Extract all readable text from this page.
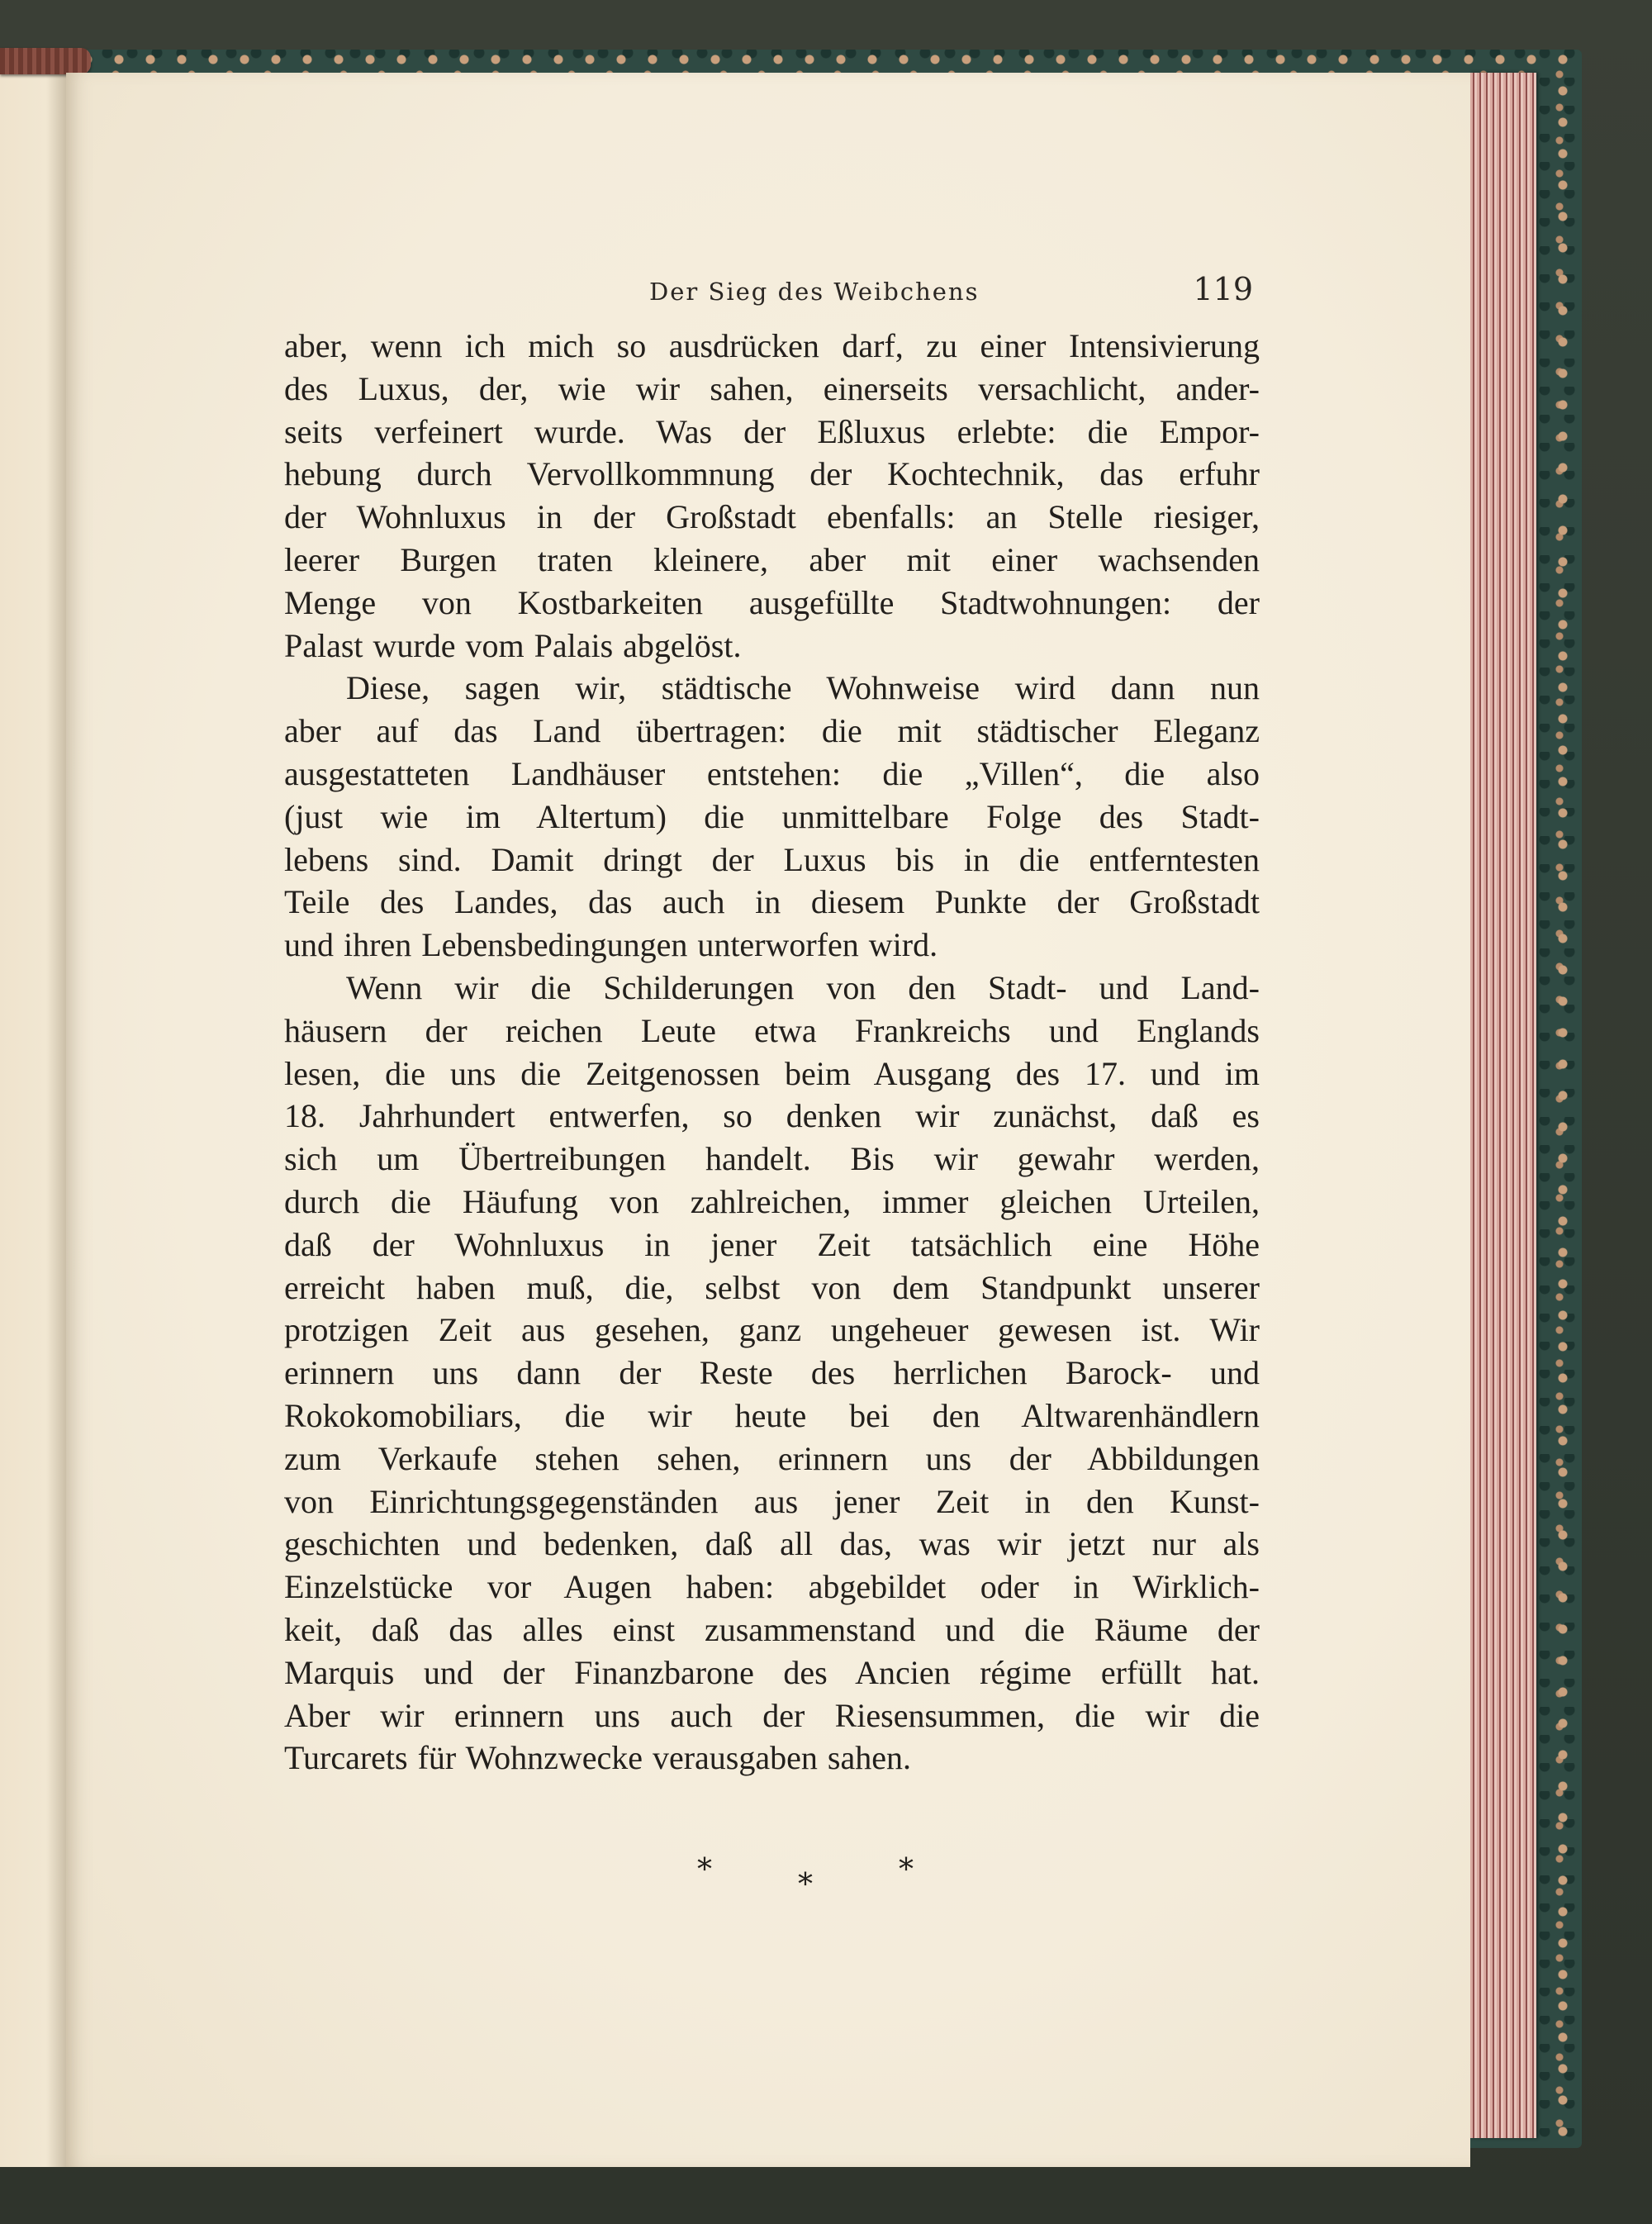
Der Sieg des Weibchens	119

aber, wenn ich mich so ausdrücken darf, zu einer Intensivierung
des Luxus, der, wie wir sahen, einerseits versachlicht, ander-
seits verfeinert wurde. Was der Eßluxus erlebte: die Empor-
hebung durch Vervollkommnung der Kochtechnik, das erfuhr
der Wohnluxus in der Großstadt ebenfalls: an Stelle riesiger,
leerer Burgen traten kleinere, aber mit einer wachsenden
Menge von Kostbarkeiten ausgefüllte Stadtwohnungen: der
Palast wurde vom Palais abgelöst.

Diese, sagen wir, städtische Wohnweise wird dann nun
aber auf das Land übertragen: die mit städtischer Eleganz
ausgestatteten Landhäuser entstehen: die „Villen“, die also
(just wie im Altertum) die unmittelbare Folge des Stadt-
lebens sind. Damit dringt der Luxus bis in die entferntesten
Teile des Landes, das auch in diesem Punkte der Großstadt
und ihren Lebensbedingungen unterworfen wird.

Wenn wir die Schilderungen von den Stadt- und Land-
häusern der reichen Leute etwa Frankreichs und Englands
lesen, die uns die Zeitgenossen beim Ausgang des 17. und im
18. Jahrhundert entwerfen, so denken wir zunächst, daß es
sich um Übertreibungen handelt. Bis wir gewahr werden,
durch die Häufung von zahlreichen, immer gleichen Urteilen,
daß der Wohnluxus in jener Zeit tatsächlich eine Höhe
erreicht haben muß, die, selbst von dem Standpunkt unserer
protzigen Zeit aus gesehen, ganz ungeheuer gewesen ist. Wir
erinnern uns dann der Reste des herrlichen Barock- und
Rokokomobiliars, die wir heute bei den Altwarenhändlern
zum Verkaufe stehen sehen, erinnern uns der Abbildungen
von Einrichtungsgegenständen aus jener Zeit in den Kunst-
geschichten und bedenken, daß all das, was wir jetzt nur als
Einzelstücke vor Augen haben: abgebildet oder in Wirklich-
keit, daß das alles einst zusammenstand und die Räume der
Marquis und der Finanzbarone des Ancien régime erfüllt hat.
Aber wir erinnern uns auch der Riesensummen, die wir die
Turcarets für Wohnzwecke verausgaben sahen.

*	*	*
